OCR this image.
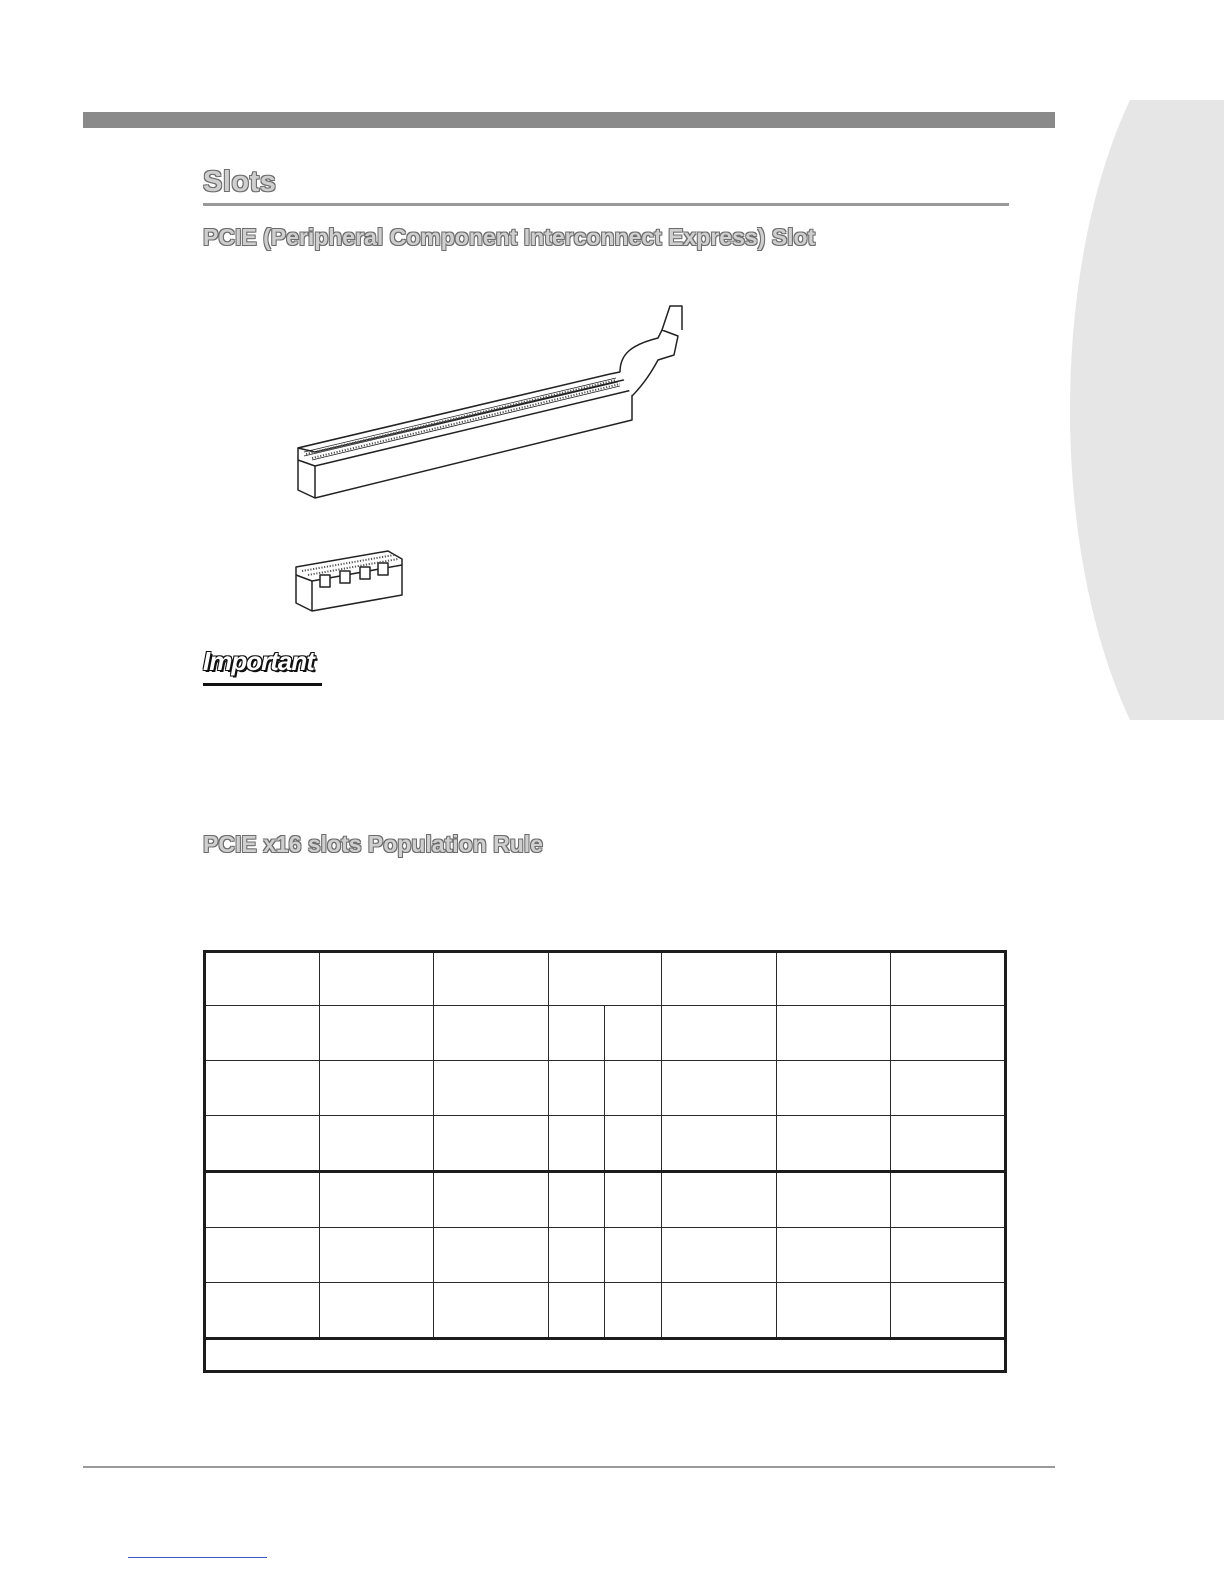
Slots
PCIE (Peripheral Component Interconnect Express) Slot
Important
PCIE x16 slots Population Rule
